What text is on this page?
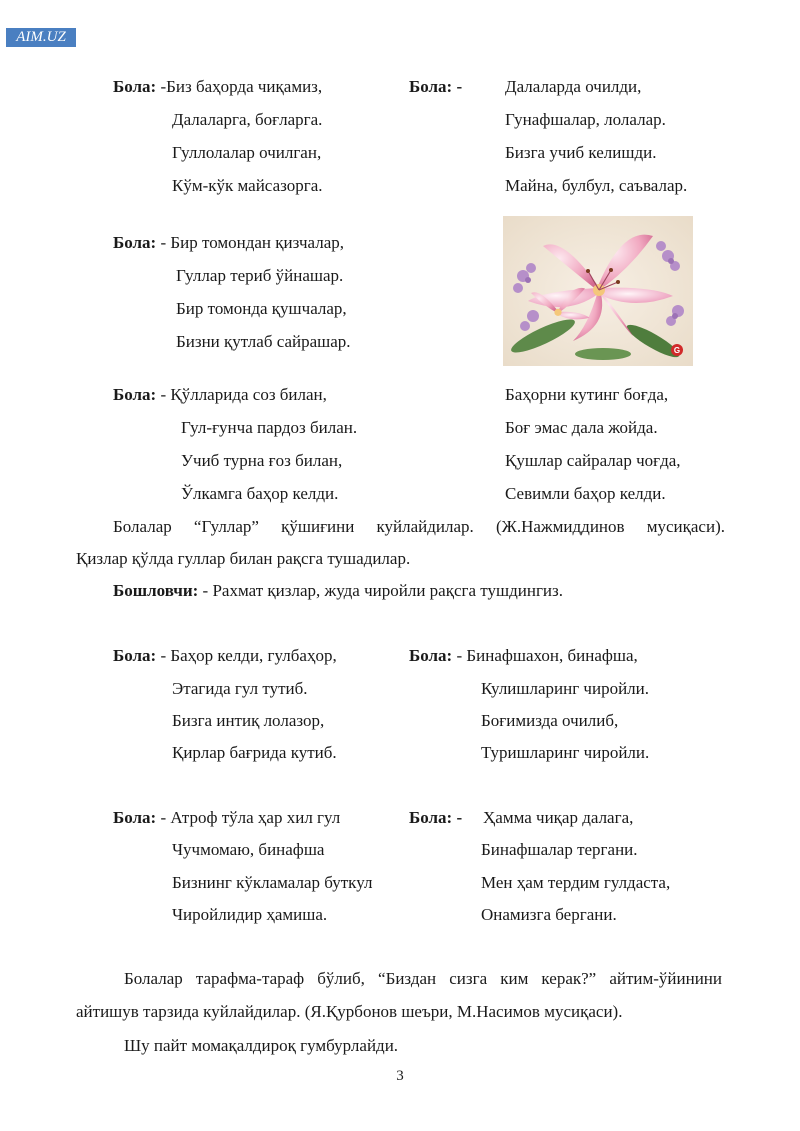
AIM.UZ
Бола: -Биз баҳорда чиқамиз,
Далаларга, боғларга.
Гуллолалар очилган,
Кўм-кўк майсазорга.
Бола: -	Далаларда очилди,
Гунафшалар, лолалар.
Бизга учиб келишди.
Майна, булбул, саъвалар.
Бола: - Бир томондан қизчалар,
Гуллар териб ўйнашар.
Бир томонда қушчалар,
Бизни қутлаб сайрашар.	G
Бола: - Қўлларида соз билан,
Гул-ғунча пардоз билан.
Учиб турна ғоз билан,
Ўлкамга баҳор келди.
Баҳорни кутинг боғда,
Боғ эмас дала жойда.
Қушлар сайралар чоғда,
Севимли баҳор келди.
Болалар “Гуллар” қўшиғини куйлайдилар. (Ж.Нажмиддинов мусиқаси).
Қизлар қўлда гуллар билан рақсга тушадилар.
Бошловчи: - Рахмат қизлар, жуда чиройли рақсга тушдингиз.
Бола: - Баҳор келди, гулбаҳор,
Этагида гул тутиб.
Бизга интиқ лолазор,
Қирлар бағрида кутиб.
Бола: - Бинафшахон, бинафша,
Кулишларинг чиройли.
Боғимизда очилиб,
Туришларинг чиройли.
Бола: - Атроф тўла ҳар хил гул
Чучмомаю, бинафша
Бизнинг кўкламалар буткул
Чиройлидир ҳамиша.
Бола: - Ҳамма чиқар далага,
Бинафшалар тергани.
Мен ҳам тердим гулдаста,
Онамизга бергани.
Болалар тарафма-тараф бўлиб, “Биздан сизга ким керак?” айтим-ўйинини
айтишув тарзида куйлайдилар. (Я.Қурбонов шеъри, М.Насимов мусиқаси).
Шу пайт момақалдироқ гумбурлайди.
3
